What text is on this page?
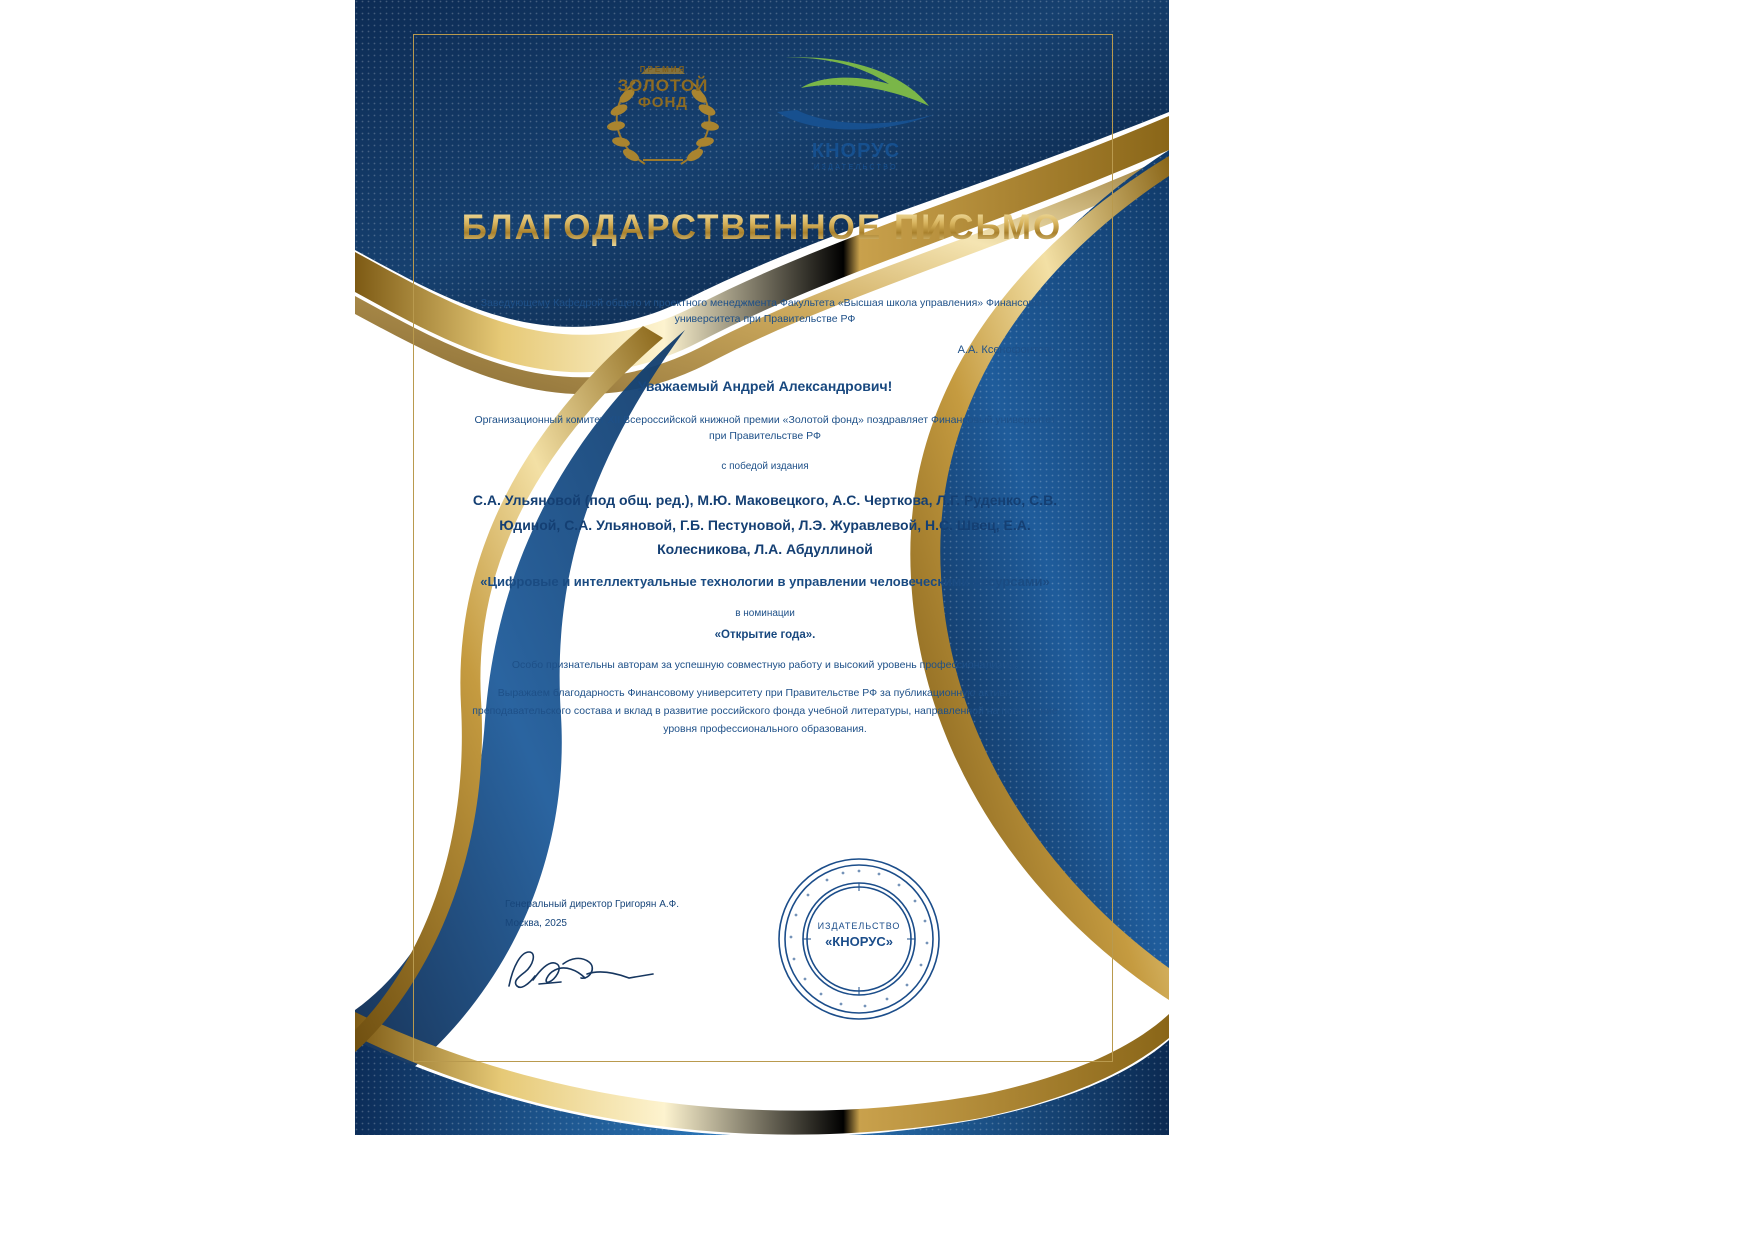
ПРЕМИЯ
ЗОЛОТОЙ
ФОНД
КНОРУС
ИЗДАТЕЛЬСТВО
БЛАГОДАРСТВЕННОЕ ПИСЬМО
Заведующему Кафедрой общего и проектного менеджмента Факультета «Высшая школа управления» Финансового университета при Правительстве РФ
А.А. Ксенофонтову
Уважаемый Андрей Александрович!
Организационный комитет XII Всероссийской книжной премии «Золотой фонд» поздравляет Финансовый университет при Правительстве РФ
с победой издания
С.А. Ульяновой (под общ. ред.), М.Ю. Маковецкого, А.С. Черткова, Л.Г. Руденко, С.В. Юдиной, С.А. Ульяновой, Г.Б. Пестуновой, Л.Э. Журавлевой, Н.С. Швец, Е.А. Колесникова, Л.А. Абдуллиной
«Цифровые и интеллектуальные технологии в управлении человеческими ресурсами»
в номинации
«Открытие года».
Особо признательны авторам за успешную совместную работу и высокий уровень профессионализма.
Выражаем благодарность Финансовому университету при Правительстве РФ за публикационную активность преподавательского состава и вклад в развитие российского фонда учебной литературы, направленной на повышение уровня профессионального образования.
Генеральный директор Григорян А.Ф.
Москва, 2025	ИЗДАТЕЛЬСТВО
«КНОРУС»
